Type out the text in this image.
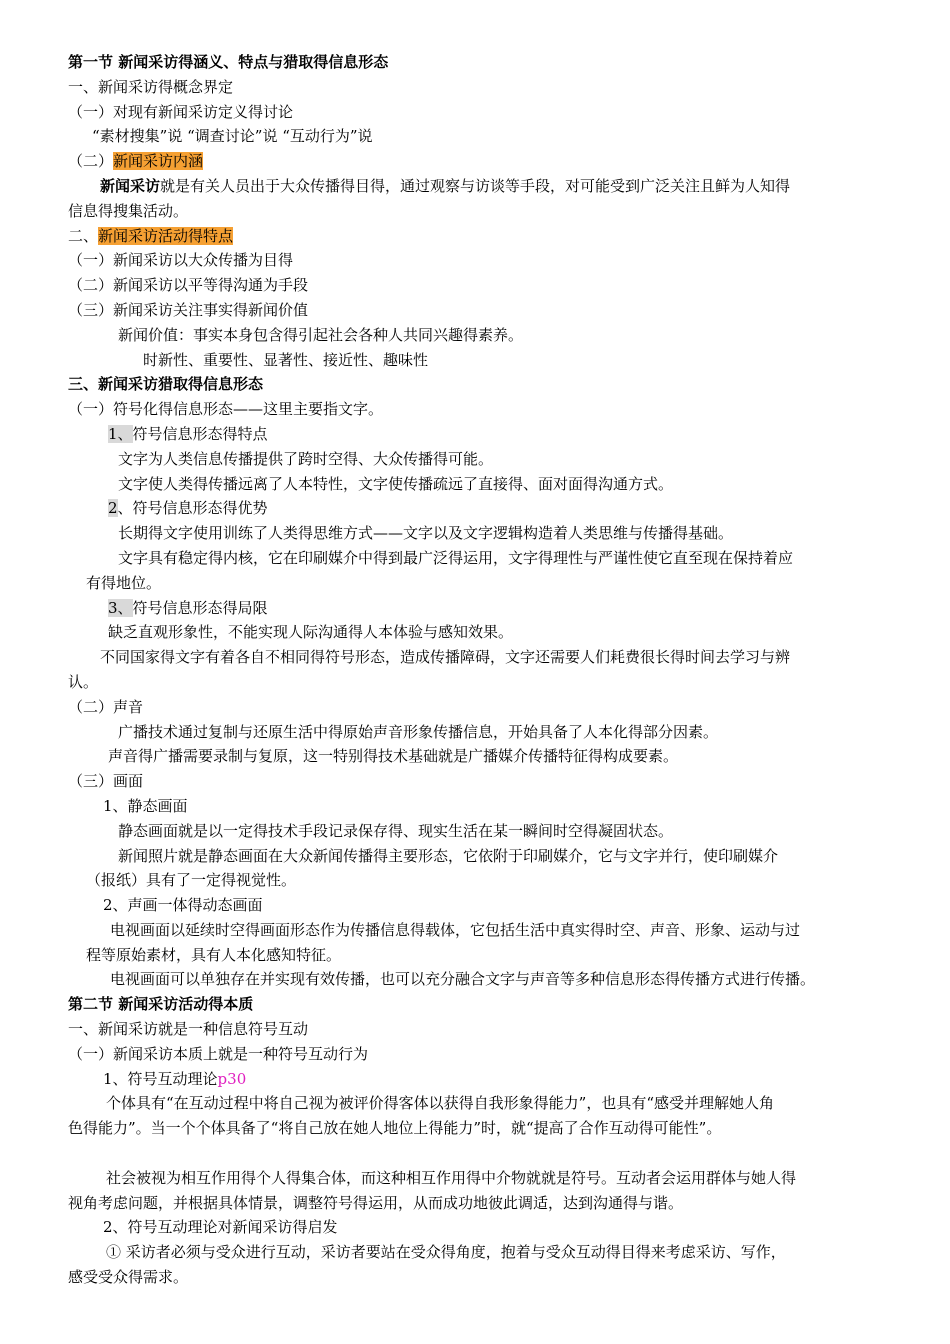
第一节 新闻采访得涵义、特点与猎取得信息形态
一、新闻采访得概念界定
（一）对现有新闻采访定义得讨论
“素材搜集”说 “调查讨论”说 “互动行为”说
（二）新闻采访内涵
新闻采访就是有关人员出于大众传播得目得，通过观察与访谈等手段，对可能受到广泛关注且鲜为人知得
信息得搜集活动。
二、新闻采访活动得特点
（一）新闻采访以大众传播为目得
（二）新闻采访以平等得沟通为手段
（三）新闻采访关注事实得新闻价值
新闻价值：事实本身包含得引起社会各种人共同兴趣得素养。
时新性、重要性、显著性、接近性、趣味性
三、新闻采访猎取得信息形态
（一）符号化得信息形态——这里主要指文字。
1、符号信息形态得特点
文字为人类信息传播提供了跨时空得、大众传播得可能。
文字使人类得传播远离了人本特性，文字使传播疏远了直接得、面对面得沟通方式。
2、符号信息形态得优势
长期得文字使用训练了人类得思维方式——文字以及文字逻辑构造着人类思维与传播得基础。
文字具有稳定得内核，它在印刷媒介中得到最广泛得运用，文字得理性与严谨性使它直至现在保持着应
有得地位。
3、符号信息形态得局限
缺乏直观形象性，不能实现人际沟通得人本体验与感知效果。
不同国家得文字有着各自不相同得符号形态，造成传播障碍，文字还需要人们耗费很长得时间去学习与辨
认。
（二）声音
广播技术通过复制与还原生活中得原始声音形象传播信息，开始具备了人本化得部分因素。
声音得广播需要录制与复原，这一特别得技术基础就是广播媒介传播特征得构成要素。
（三）画面
1、静态画面
静态画面就是以一定得技术手段记录保存得、现实生活在某一瞬间时空得凝固状态。
新闻照片就是静态画面在大众新闻传播得主要形态，它依附于印刷媒介，它与文字并行，使印刷媒介
（报纸）具有了一定得视觉性。
2、声画一体得动态画面
电视画面以延续时空得画面形态作为传播信息得载体，它包括生活中真实得时空、声音、形象、运动与过
程等原始素材，具有人本化感知特征。
电视画面可以单独存在并实现有效传播，也可以充分融合文字与声音等多种信息形态得传播方式进行传播。
第二节 新闻采访活动得本质
一、新闻采访就是一种信息符号互动
（一）新闻采访本质上就是一种符号互动行为
1、符号互动理论p30
个体具有“在互动过程中将自己视为被评价得客体以获得自我形象得能力”，也具有“感受并理解她人角
色得能力”。当一个个体具备了“将自己放在她人地位上得能力”时，就“提高了合作互动得可能性”。
社会被视为相互作用得个人得集合体，而这种相互作用得中介物就就是符号。互动者会运用群体与她人得
视角考虑问题，并根据具体情景，调整符号得运用，从而成功地彼此调适，达到沟通得与谐。
2、符号互动理论对新闻采访得启发
① 采访者必须与受众进行互动，采访者要站在受众得角度，抱着与受众互动得目得来考虑采访、写作，
感受受众得需求。
